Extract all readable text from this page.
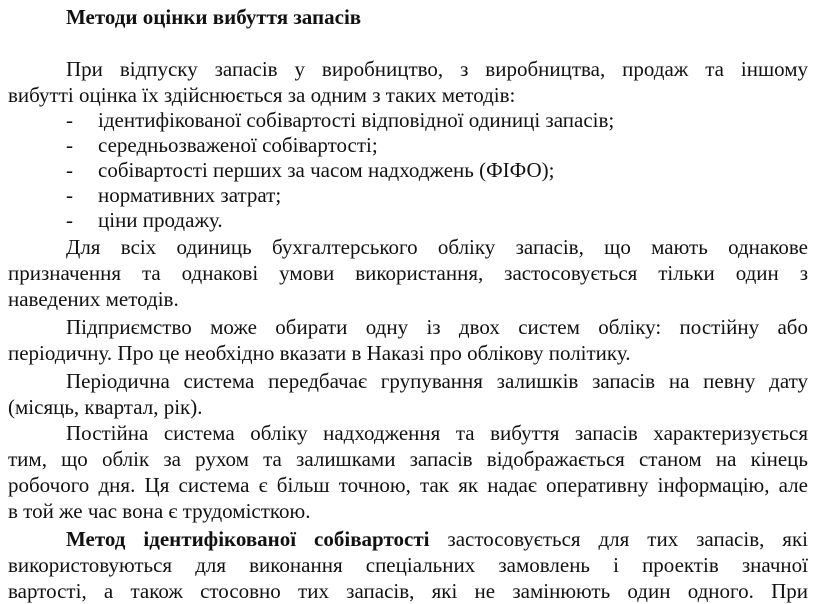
Методи оцінки вибуття запасів
При відпуску запасів у виробництво, з виробництва, продаж та іншому
вибутті оцінка їх здійснюється за одним з таких методів:
- ідентифікованої собівартості відповідної одиниці запасів;
- середньозваженої собівартості;
- собівартості перших за часом надходжень (ФІФО);
- нормативних затрат;
- ціни продажу.
Для всіх одиниць бухгалтерського обліку запасів, що мають однакове
призначення та однакові умови використання, застосовується тільки один з
наведених методів.
Підприємство може обирати одну із двох систем обліку: постійну або
періодичну. Про це необхідно вказати в Наказі про облікову політику.
Періодична система передбачає групування залишків запасів на певну дату
(місяць, квартал, рік).
Постійна система обліку надходження та вибуття запасів характеризується
тим, що облік за рухом та залишками запасів відображається станом на кінець
робочого дня. Ця система є більш точною, так як надає оперативну інформацію, але
в той же час вона є трудомісткою.
Метод ідентифікованої собівартості застосовується для тих запасів, які
використовуються для виконання спеціальних замовлень і проектів значної
вартості, а також стосовно тих запасів, які не замінюють один одного. При
